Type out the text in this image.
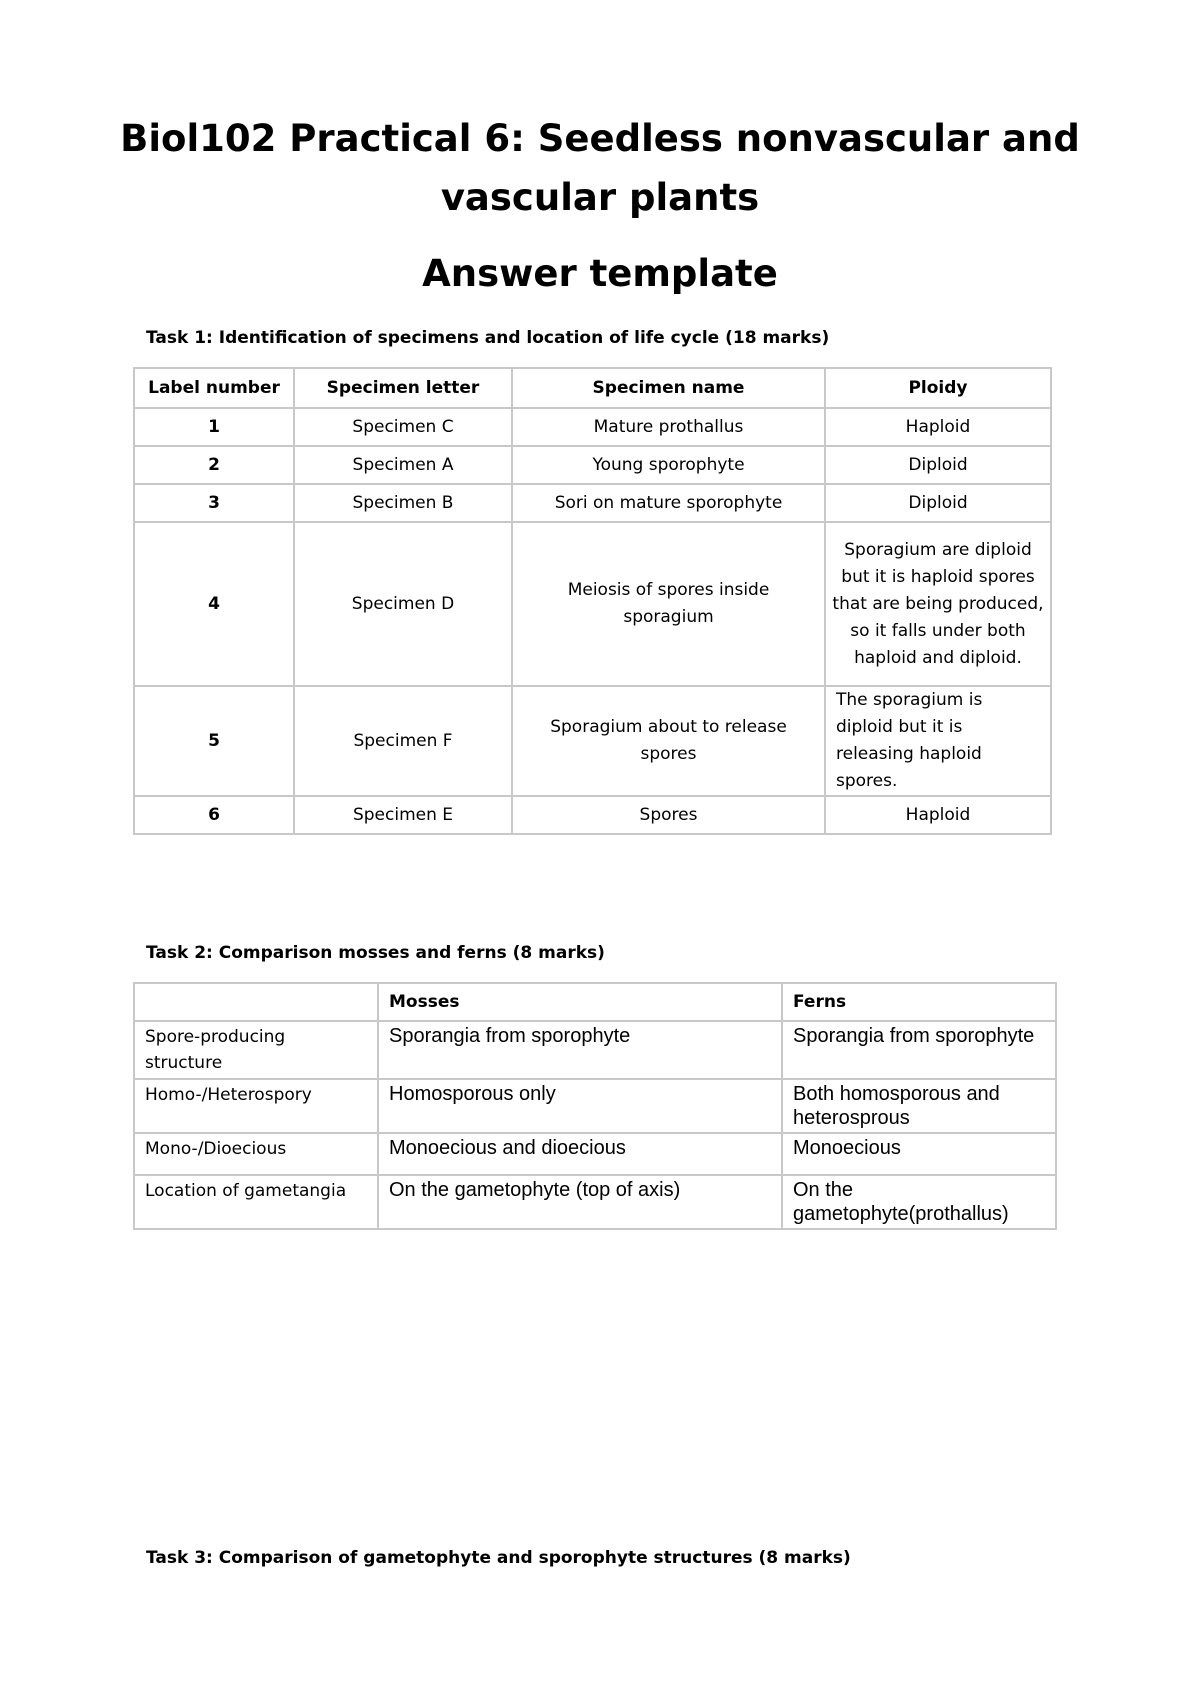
Biol102 Practical 6: Seedless nonvascular and
vascular plants
Answer template
Task 1: Identification of specimens and location of life cycle (18 marks)
Label number	Specimen letter	Specimen name	Ploidy
1	Specimen C	Mature prothallus	Haploid
2	Specimen A	Young sporophyte	Diploid
3	Specimen B	Sori on mature sporophyte	Diploid
4	Specimen D	Meiosis of spores inside sporagium	Sporagium are diploid but it is haploid spores that are being produced, so it falls under both haploid and diploid.
5	Specimen F	Sporagium about to release spores	The sporagium is diploid but it is releasing haploid spores.
6	Specimen E	Spores	Haploid
Task 2: Comparison mosses and ferns (8 marks)
	Mosses	Ferns
Spore-producing structure	Sporangia from sporophyte	Sporangia from sporophyte
Homo-/Heterospory	Homosporous only	Both homosporous and heterosprous
Mono-/Dioecious	Monoecious and dioecious	Monoecious
Location of gametangia	On the gametophyte (top of axis)	On the gametophyte(prothallus)
Task 3: Comparison of gametophyte and sporophyte structures (8 marks)
